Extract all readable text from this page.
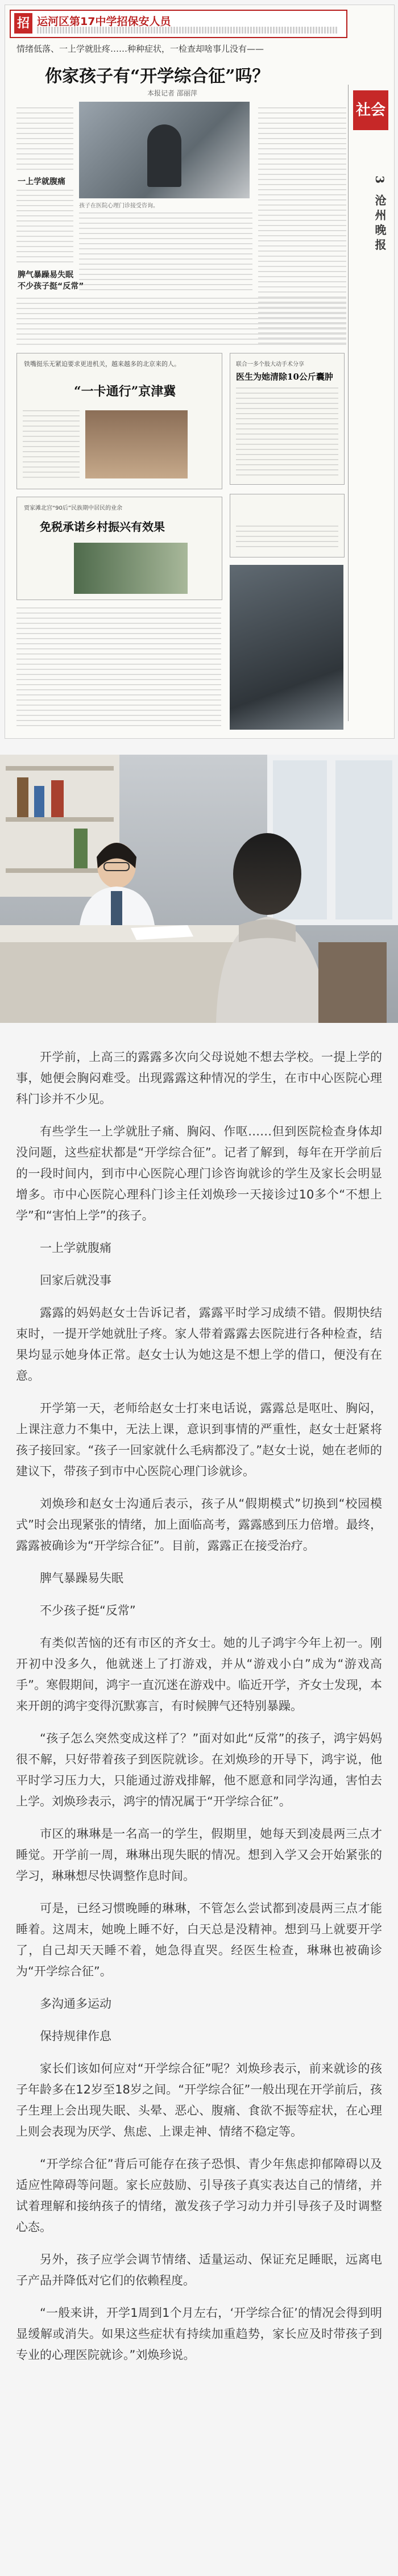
招 运河区第17中学招保安人员
社会
3 沧州晚报
情绪低落、一上学就肚疼……种种症状，一检查却啥事儿没有——
你家孩子有“开学综合征”吗？
本报记者 邵丽萍
孩子在医院心理门诊接受咨询。
一上学就腹痛
脾气暴躁易失眠
不少孩子挺“反常”
铁嘴挺乐无紧迫要求更进机关，越来越多的北京来的人。
“一卡通行”京津冀
联合一多个肢大动手术分享
医生为她清除10公斤囊肿
贾家滩北宫“90后”民族期中居民的业余
免税承诺乡村振兴有效果

开学前，上高三的露露多次向父母说她不想去学校。一提上学的事，她便会胸闷难受。出现露露这种情况的学生，在市中心医院心理科门诊并不少见。

有些学生一上学就肚子痛、胸闷、作呕……但到医院检查身体却没问题，这些症状都是“开学综合征”。记者了解到，每年在开学前后的一段时间内，到市中心医院心理门诊咨询就诊的学生及家长会明显增多。市中心医院心理科门诊主任刘焕珍一天接诊过10多个“不想上学”和“害怕上学”的孩子。

一上学就腹痛

回家后就没事

露露的妈妈赵女士告诉记者，露露平时学习成绩不错。假期快结束时，一提开学她就肚子疼。家人带着露露去医院进行各种检查，结果均显示她身体正常。赵女士认为她这是不想上学的借口，便没有在意。

开学第一天，老师给赵女士打来电话说，露露总是呕吐、胸闷，上课注意力不集中，无法上课，意识到事情的严重性，赵女士赶紧将孩子接回家。“孩子一回家就什么毛病都没了。”赵女士说，她在老师的建议下，带孩子到市中心医院心理门诊就诊。

刘焕珍和赵女士沟通后表示，孩子从“假期模式”切换到“校园模式”时会出现紧张的情绪，加上面临高考，露露感到压力倍增。最终，露露被确诊为“开学综合征”。目前，露露正在接受治疗。

脾气暴躁易失眠

不少孩子挺“反常”

有类似苦恼的还有市区的齐女士。她的儿子鸿宇今年上初一。刚开初中没多久，他就迷上了打游戏，并从“游戏小白”成为“游戏高手”。寒假期间，鸿宇一直沉迷在游戏中。临近开学，齐女士发现，本来开朗的鸿宇变得沉默寡言，有时候脾气还特别暴躁。

“孩子怎么突然变成这样了？”面对如此“反常”的孩子，鸿宇妈妈很不解，只好带着孩子到医院就诊。在刘焕珍的开导下，鸿宇说，他平时学习压力大，只能通过游戏排解，他不愿意和同学沟通，害怕去上学。刘焕珍表示，鸿宇的情况属于“开学综合征”。

市区的琳琳是一名高一的学生，假期里，她每天到凌晨两三点才睡觉。开学前一周，琳琳出现失眠的情况。想到入学又会开始紧张的学习，琳琳想尽快调整作息时间。

可是，已经习惯晚睡的琳琳，不管怎么尝试都到凌晨两三点才能睡着。这周末，她晚上睡不好，白天总是没精神。想到马上就要开学了，自己却天天睡不着，她急得直哭。经医生检查，琳琳也被确诊为“开学综合征”。

多沟通多运动

保持规律作息

家长们该如何应对“开学综合征”呢？刘焕珍表示，前来就诊的孩子年龄多在12岁至18岁之间。“开学综合征”一般出现在开学前后，孩子生理上会出现失眠、头晕、恶心、腹痛、食欲不振等症状，在心理上则会表现为厌学、焦虑、上课走神、情绪不稳定等。

“开学综合征”背后可能存在孩子恐惧、青少年焦虑抑郁障碍以及适应性障碍等问题。家长应鼓励、引导孩子真实表达自己的情绪，并试着理解和接纳孩子的情绪，激发孩子学习动力并引导孩子及时调整心态。

另外，孩子应学会调节情绪、适量运动、保证充足睡眠，远离电子产品并降低对它们的依赖程度。

“一般来讲，开学1周到1个月左右，‘开学综合征’的情况会得到明显缓解或消失。如果这些症状有持续加重趋势，家长应及时带孩子到专业的心理医院就诊。”刘焕珍说。
